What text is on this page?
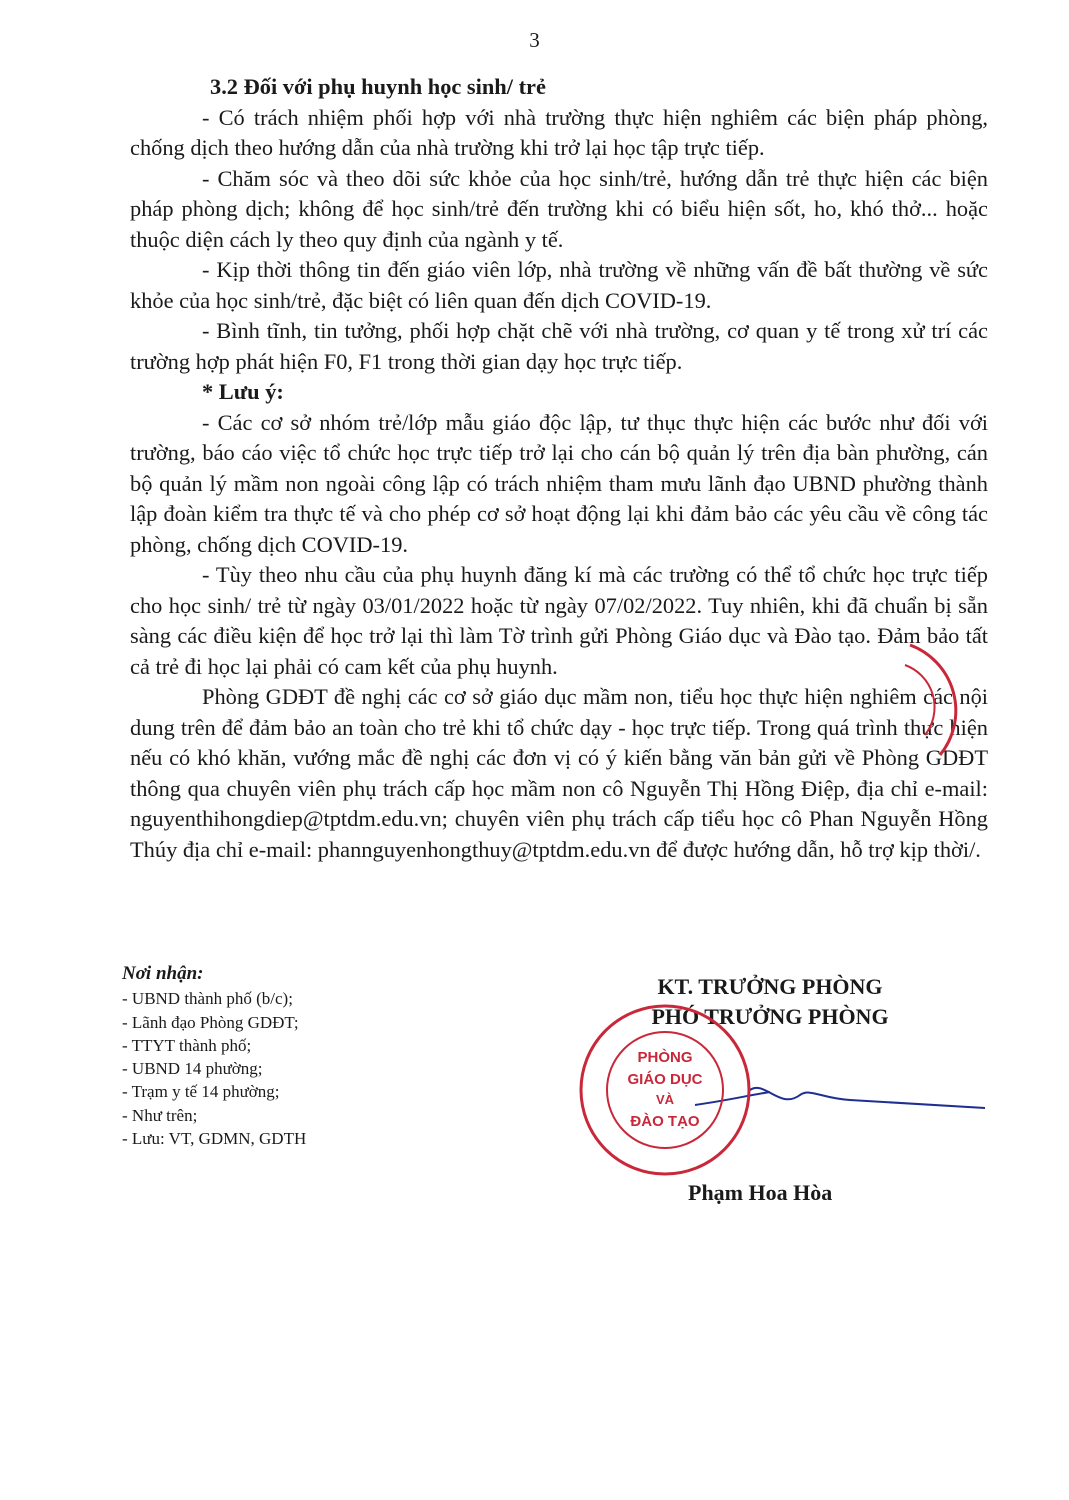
3

3.2 Đối với phụ huynh học sinh/ trẻ

- Có trách nhiệm phối hợp với nhà trường thực hiện nghiêm các biện pháp phòng, chống dịch theo hướng dẫn của nhà trường khi trở lại học tập trực tiếp.

- Chăm sóc và theo dõi sức khỏe của học sinh/trẻ, hướng dẫn trẻ thực hiện các biện pháp phòng dịch; không để học sinh/trẻ đến trường khi có biểu hiện sốt, ho, khó thở... hoặc thuộc diện cách ly theo quy định của ngành y tế.

- Kịp thời thông tin đến giáo viên lớp, nhà trường về những vấn đề bất thường về sức khỏe của học sinh/trẻ, đặc biệt có liên quan đến dịch COVID-19.

- Bình tĩnh, tin tưởng, phối hợp chặt chẽ với nhà trường, cơ quan y tế trong xử trí các trường hợp phát hiện F0, F1 trong thời gian dạy học trực tiếp.

* Lưu ý:

- Các cơ sở nhóm trẻ/lớp mẫu giáo độc lập, tư thục thực hiện các bước như đối với trường, báo cáo việc tổ chức học trực tiếp trở lại cho cán bộ quản lý trên địa bàn phường, cán bộ quản lý mầm non ngoài công lập có trách nhiệm tham mưu lãnh đạo UBND phường thành lập đoàn kiểm tra thực tế và cho phép cơ sở hoạt động lại khi đảm bảo các yêu cầu về công tác phòng, chống dịch COVID-19.

- Tùy theo nhu cầu của phụ huynh đăng kí mà các trường có thể tổ chức học trực tiếp cho học sinh/ trẻ từ ngày 03/01/2022 hoặc từ ngày 07/02/2022. Tuy nhiên, khi đã chuẩn bị sẵn sàng các điều kiện để học trở lại thì làm Tờ trình gửi Phòng Giáo dục và Đào tạo. Đảm bảo tất cả trẻ đi học lại phải có cam kết của phụ huynh.

Phòng GDĐT đề nghị các cơ sở giáo dục mầm non, tiểu học thực hiện nghiêm các nội dung trên để đảm bảo an toàn cho trẻ khi tổ chức dạy - học trực tiếp. Trong quá trình thực hiện nếu có khó khăn, vướng mắc đề nghị các đơn vị có ý kiến bằng văn bản gửi về Phòng GDĐT thông qua chuyên viên phụ trách cấp học mầm non cô Nguyễn Thị Hồng Điệp, địa chỉ e-mail: nguyenthihongdiep@tptdm.edu.vn; chuyên viên phụ trách cấp tiểu học cô Phan Nguyễn Hồng Thúy địa chỉ e-mail: phannguyenhongthuy@tptdm.edu.vn để được hướng dẫn, hỗ trợ kịp thời/.

Nơi nhận:
- UBND thành phố (b/c);
- Lãnh đạo Phòng GDĐT;
- TTYT thành phố;
- UBND 14 phường;
- Trạm y tế 14 phường;
- Như trên;
- Lưu: VT, GDMN, GDTH
KT. TRƯỞNG PHÒNG
PHÓ TRƯỞNG PHÒNG
PHÒNG
GIÁO DỤC
VÀ
ĐÀO TẠO
Phạm Hoa Hòa
